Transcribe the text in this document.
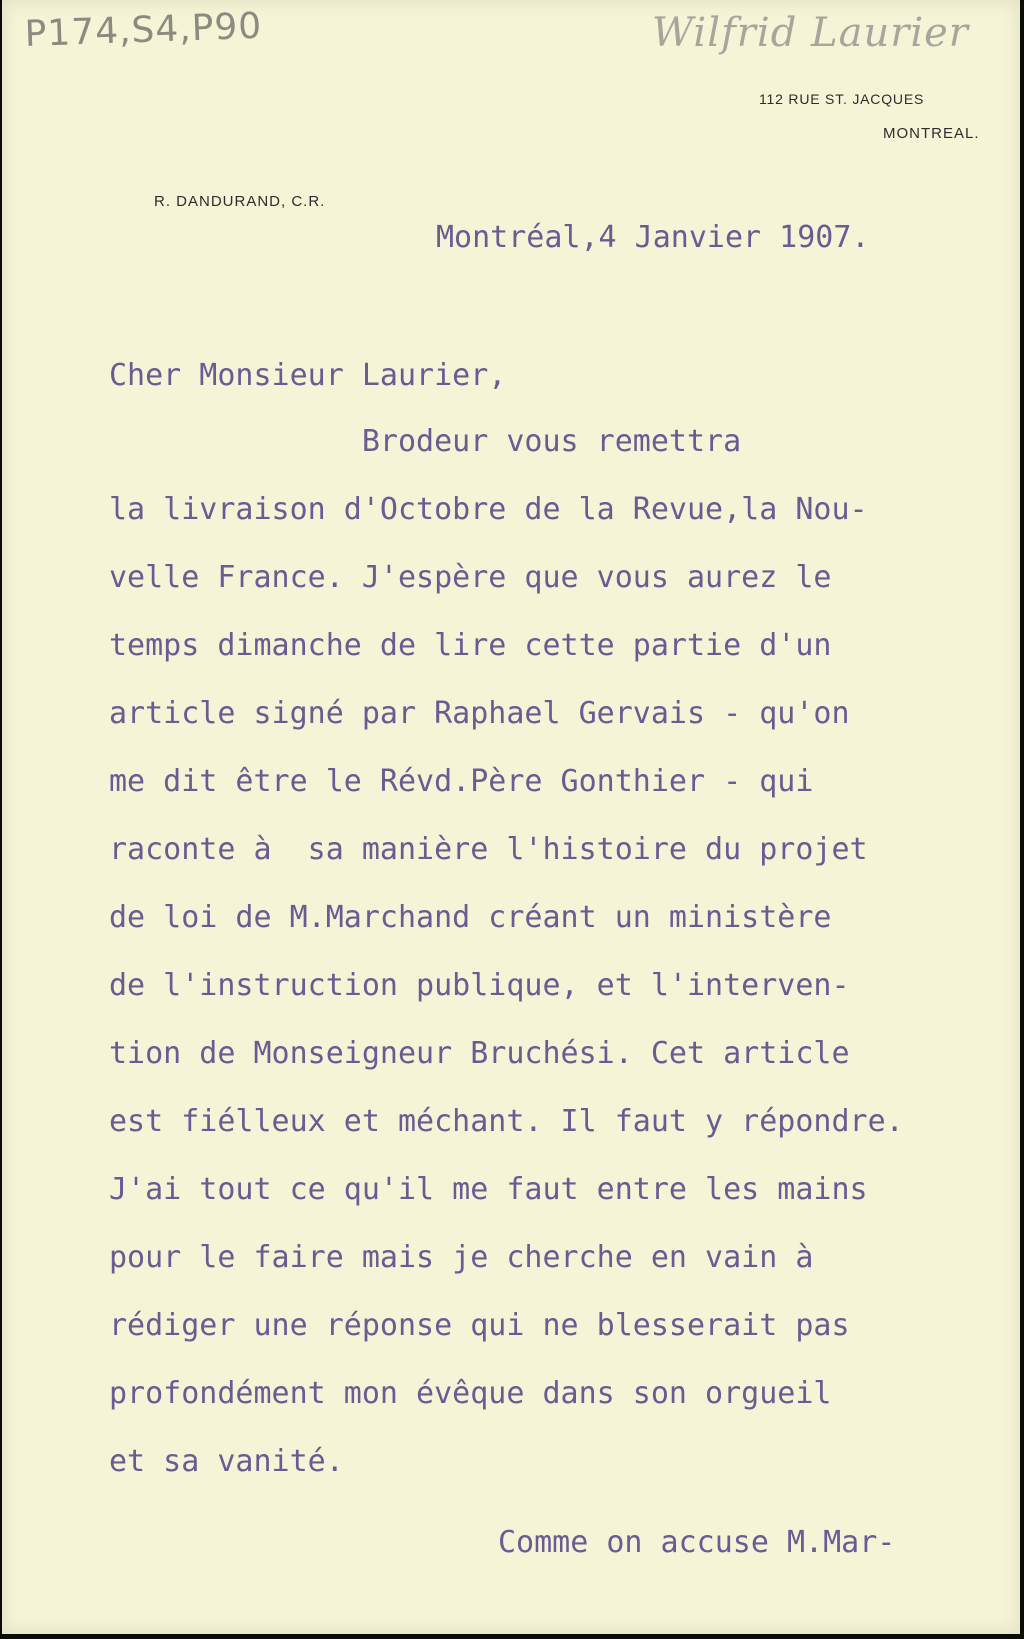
P174,S4,P90	Wilfrid Laurier
112 RUE ST. JACQUES
MONTREAL.
R. DANDURAND, C.R.
Montréal,4 Janvier 1907.
Cher Monsieur Laurier,
Brodeur vous remettra
la livraison d'Octobre de la Revue,la Nou-
velle France. J'espère que vous aurez le
temps dimanche de lire cette partie d'un
article signé par Raphael Gervais - qu'on
me dit être le Révd.Père Gonthier - qui
raconte à  sa manière l'histoire du projet
de loi de M.Marchand créant un ministère
de l'instruction publique, et l'interven-
tion de Monseigneur Bruchési. Cet article
est fiélleux et méchant. Il faut y répondre.
J'ai tout ce qu'il me faut entre les mains
pour le faire mais je cherche en vain à
rédiger une réponse qui ne blesserait pas
profondément mon évêque dans son orgueil
et sa vanité.
Comme on accuse M.Mar-
